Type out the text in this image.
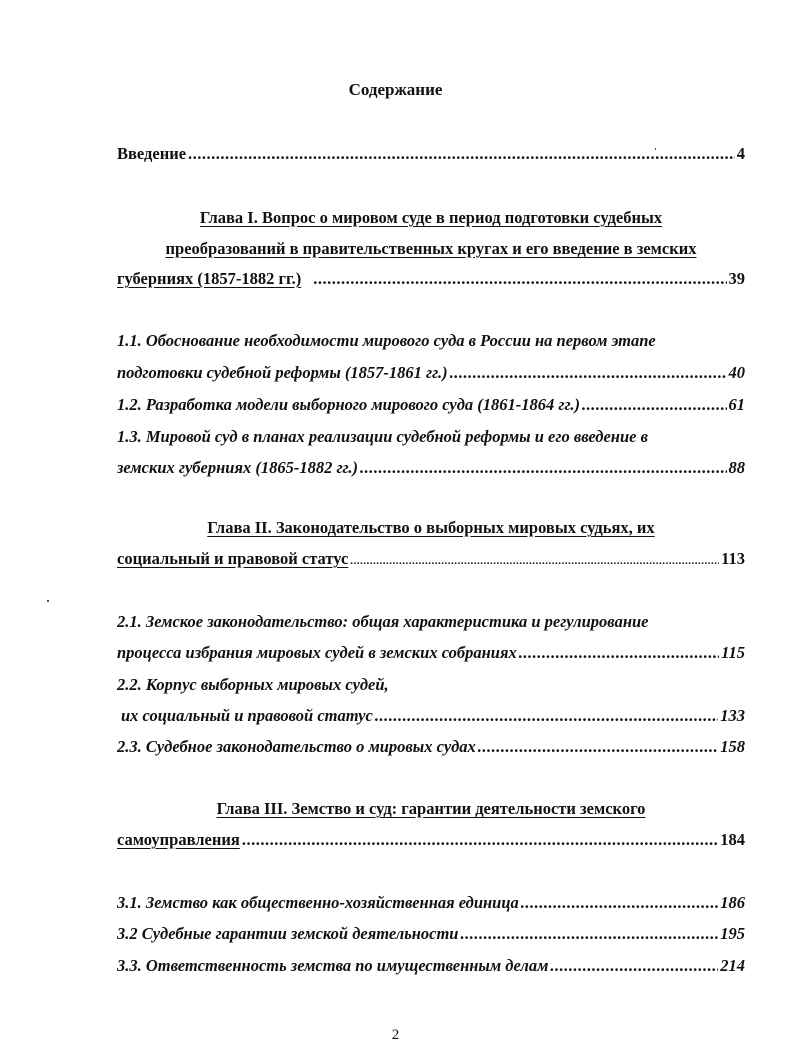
Содержание
Введение .....	4
Глава I. Вопрос о мировом суде в период подготовки судебных
преобразований в правительственных кругах и его введение в земских
губерниях (1857-1882 гг.) .....	39
1.1. Обоснование необходимости мирового суда в России на первом этапе
подготовки судебной реформы (1857-1861 гг.) .....	40
1.2. Разработка модели выборного мирового суда (1861-1864 гг.) .....	61
1.3. Мировой суд в планах реализации судебной реформы и его введение в
земских губерниях (1865-1882 гг.) .....	88
Глава II. Законодательство о выборных мировых судьях, их
социальный и правовой статус .....	113
2.1. Земское законодательство: общая характеристика и регулирование
процесса избрания мировых судей в земских собраниях .....	115
2.2. Корпус выборных мировых судей,
их социальный и правовой статус .....	133
2.3. Судебное законодательство о мировых судах .....	158
Глава III. Земство и суд: гарантии деятельности земского
самоуправления .....	184
3.1. Земство как общественно-хозяйственная единица .....	186
3.2 Судебные гарантии земской деятельности .....	195
3.3. Ответственность земства по имущественным делам .....	214
2
